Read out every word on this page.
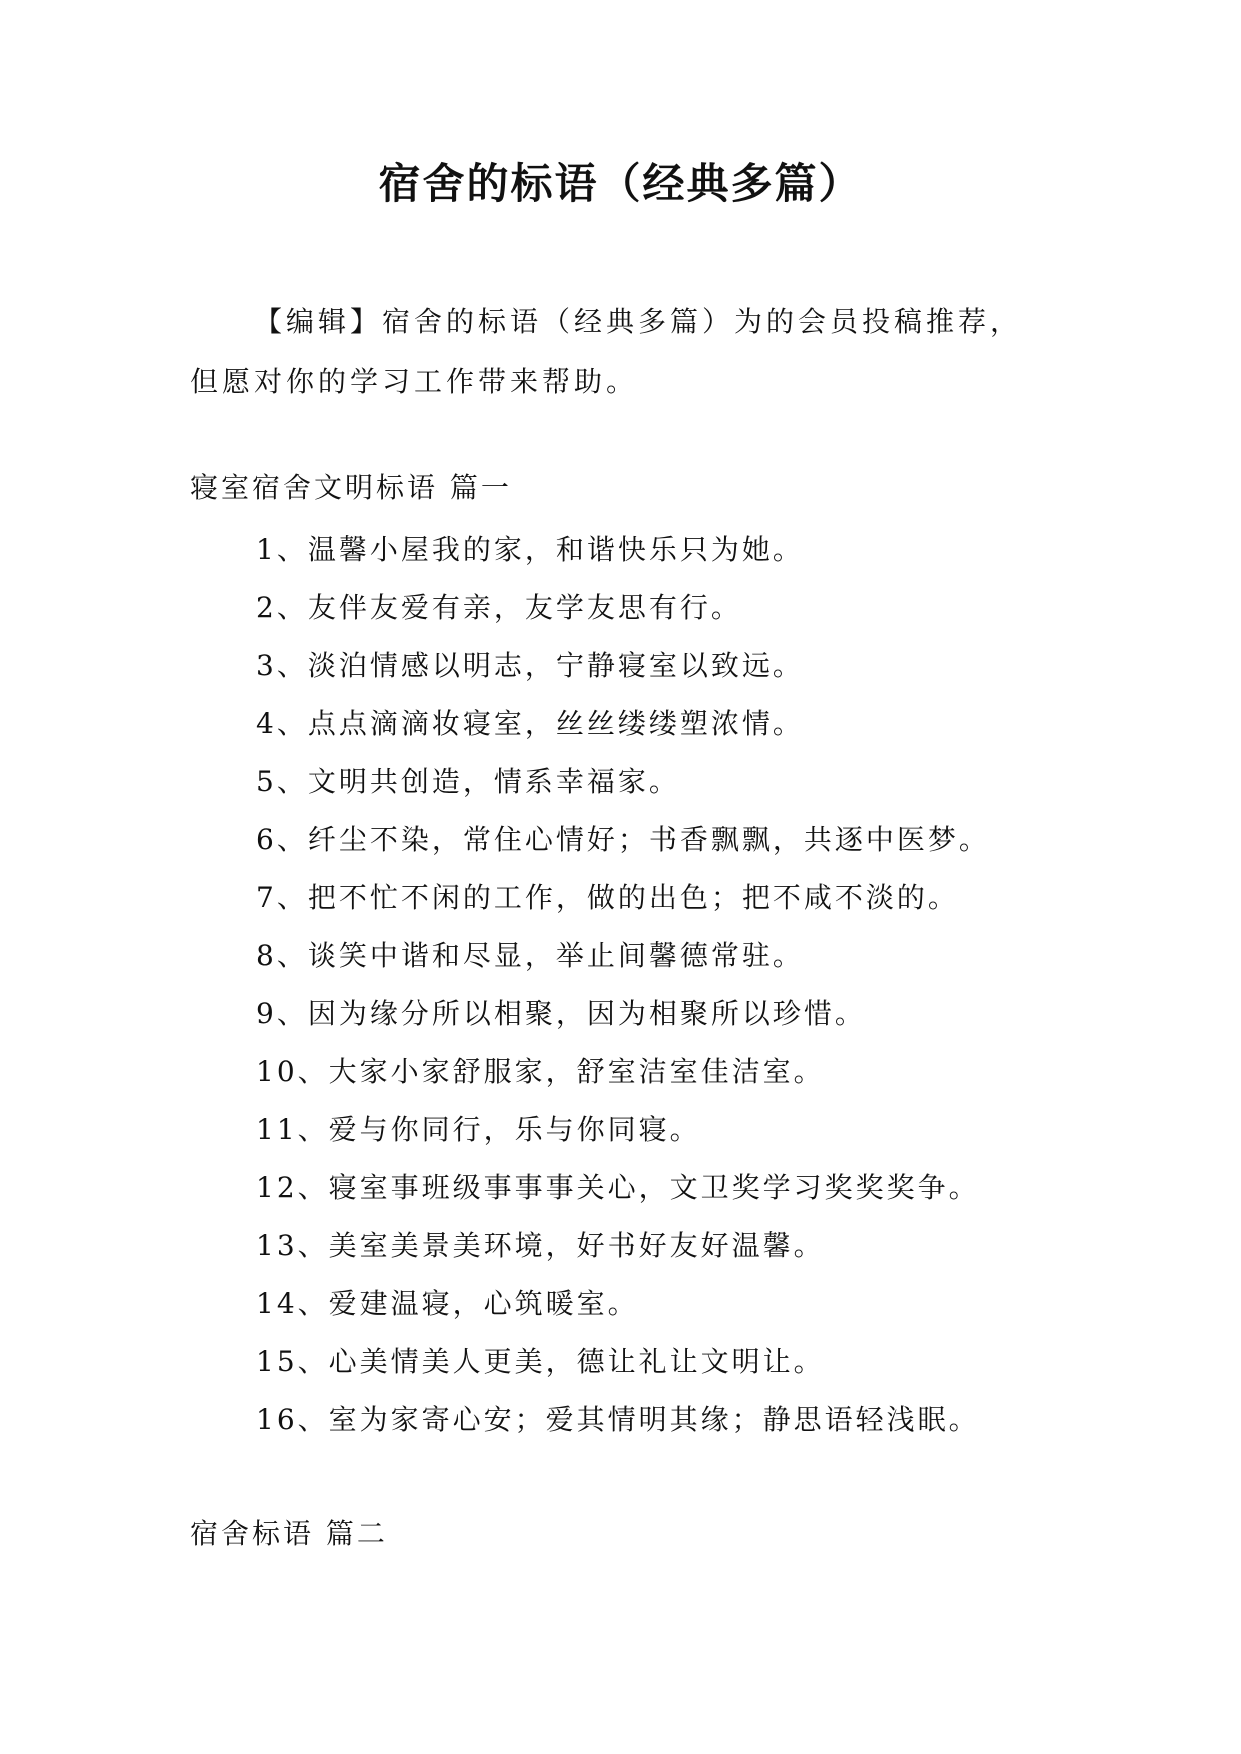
宿舍的标语（经典多篇）
【编辑】宿舍的标语（经典多篇）为的会员投稿推荐，
但愿对你的学习工作带来帮助。
寝室宿舍文明标语 篇一
1、温馨小屋我的家，和谐快乐只为她。
2、友伴友爱有亲，友学友思有行。
3、淡泊情感以明志，宁静寝室以致远。
4、点点滴滴妆寝室，丝丝缕缕塑浓情。
5、文明共创造，情系幸福家。
6、纤尘不染，常住心情好；书香飘飘，共逐中医梦。
7、把不忙不闲的工作，做的出色；把不咸不淡的。
8、谈笑中谐和尽显，举止间馨德常驻。
9、因为缘分所以相聚，因为相聚所以珍惜。
10、大家小家舒服家，舒室洁室佳洁室。
11、爱与你同行，乐与你同寝。
12、寝室事班级事事事关心，文卫奖学习奖奖奖争。
13、美室美景美环境，好书好友好温馨。
14、爱建温寝，心筑暖室。
15、心美情美人更美，德让礼让文明让。
16、室为家寄心安；爱其情明其缘；静思语轻浅眠。
宿舍标语 篇二
